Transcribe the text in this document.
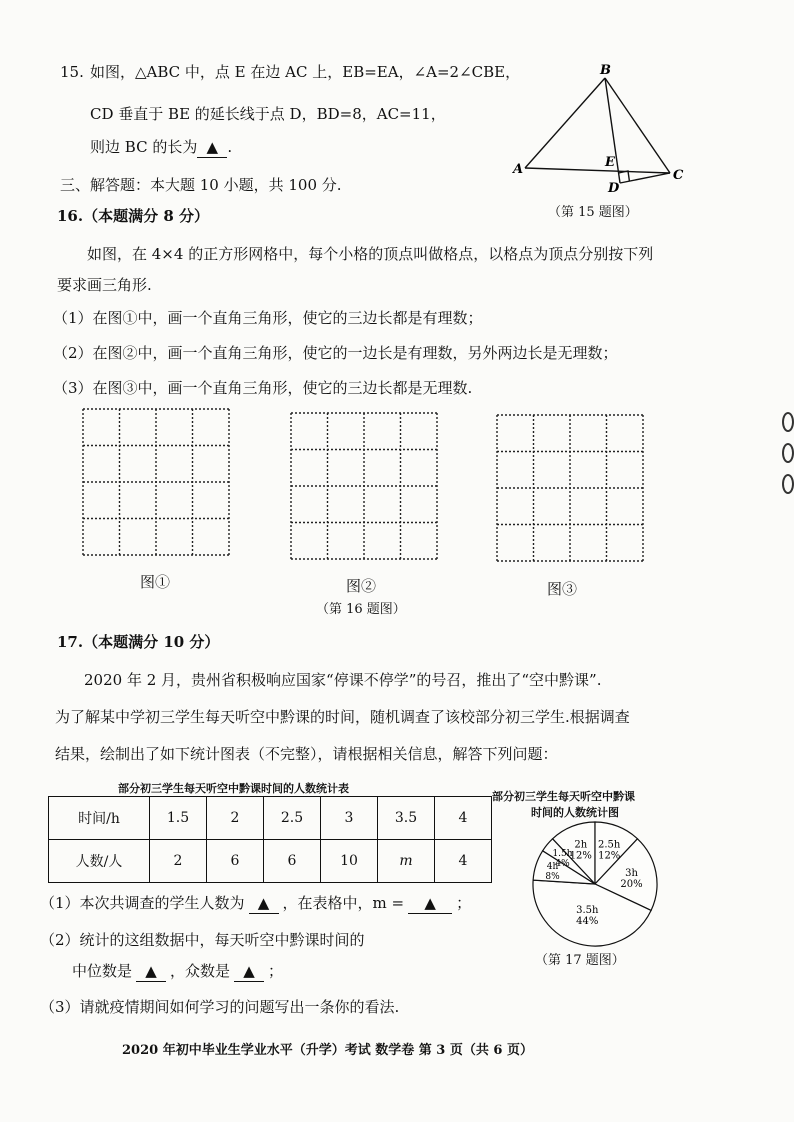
15. 如图，△ABC 中，点 E 在边 AC 上，EB=EA，∠A=2∠CBE，
CD 垂直于 BE 的延长线于点 D，BD=8，AC=11，
则边 BC 的长为 ▲ .
B
A	E
C
D
（第 15 题图）
三、解答题：本大题 10 小题，共 100 分.
16.（本题满分 8 分）
如图，在 4×4 的正方形网格中，每个小格的顶点叫做格点，以格点为顶点分别按下列
要求画三角形.
（1）在图①中，画一个直角三角形，使它的三边长都是有理数；
（2）在图②中，画一个直角三角形，使它的一边长是有理数，另外两边长是无理数；
（3）在图③中，画一个直角三角形，使它的三边长都是无理数.
图①	图②	图③
（第 16 题图）
17.（本题满分 10 分）
2020 年 2 月，贵州省积极响应国家“停课不停学”的号召，推出了“空中黔课”.
为了解某中学初三学生每天听空中黔课的时间，随机调查了该校部分初三学生.根据调查
结果，绘制出了如下统计图表（不完整），请根据相关信息，解答下列问题：
部分初三学生每天听空中黔课时间的人数统计表
时间/h	1.5	2	2.5	3	3.5	4
人数/人	2	6	6	10	m	4
部分初三学生每天听空中黔课
时间的人数统计图
2h
12%
2.5h
12%
3h
20%
3.5h
44%
4h
8%
1.5h
4%
（第 17 题图）
（1）本次共调查的学生人数为 ▲ ，在表格中，m = ▲ ；
（2）统计的这组数据中，每天听空中黔课时间的
中位数是 ▲ ，众数是 ▲ ；
（3）请就疫情期间如何学习的问题写出一条你的看法.
2020 年初中毕业生学业水平（升学）考试 数学卷 第 3 页（共 6 页）
